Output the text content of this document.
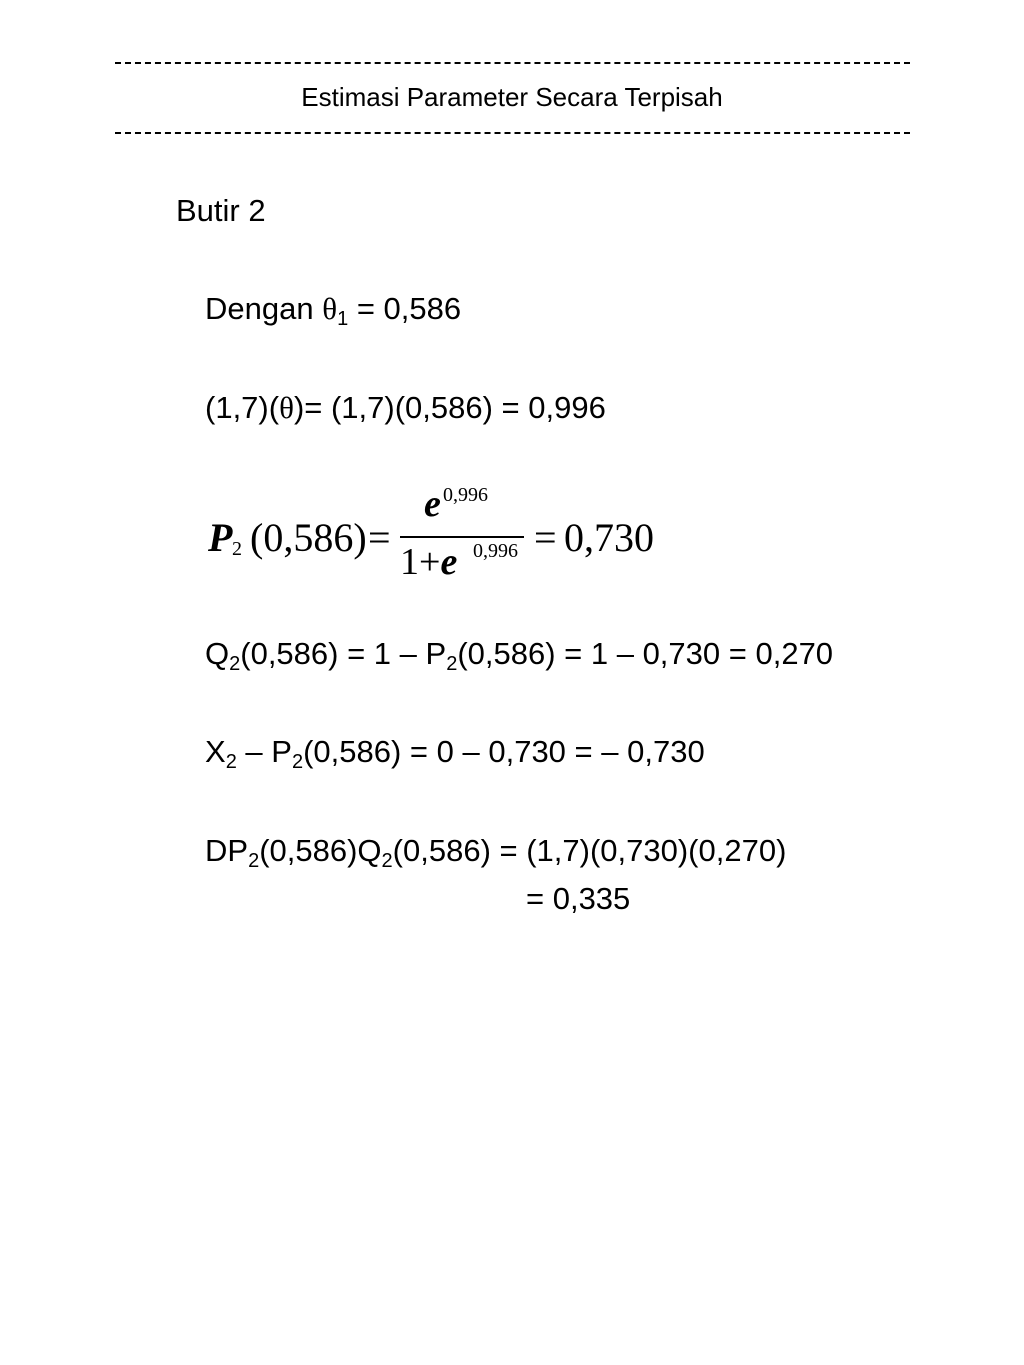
Estimasi Parameter Secara Terpisah
Butir 2
Dengan $\theta_1 = 0,586$
(1,7)(θ)= (1,7)(0,586) = 0,996
P 2 (0,586) =
e 0,996
1+e 0,996 = 0,730
$Q_2(0,586) = 1 - P_2(0,586) = 1 - 0,730 = 0,270$
$X_2 - P_2(0,586) = 0 - 0,730$ = – 0,730
$DP_2(0,586)Q_2(0,586) = (1,7)(0,730)(0,270)$
= 0,335
